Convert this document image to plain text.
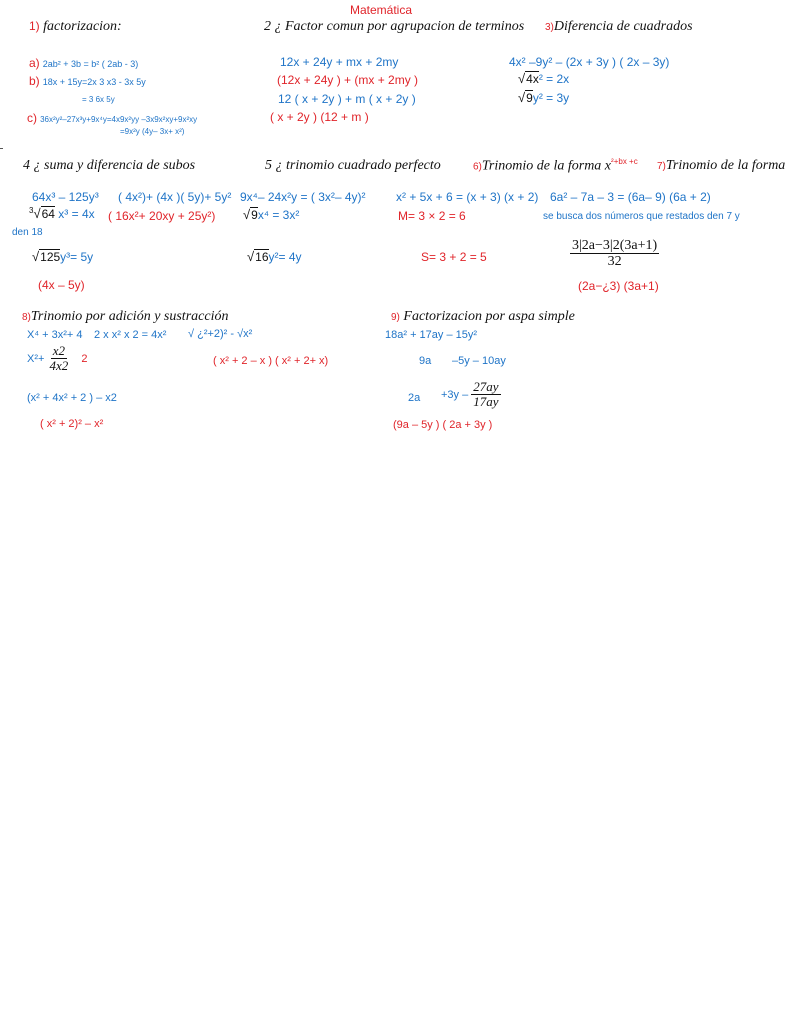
Matemática
1) factorizacion:
a) 2ab² + 3b = b² ( 2ab - 3)
b) 18x + 15y=2x 3 x3 - 3x 5y
= 3 6x 5y
c) 36x²y²–27x³y+9x⁴y=4x9x²yy –3x9x²xy+9x²xy
=9x²y (4y– 3x+ x²)
2 ¿ Factor comun por agrupacion de terminos
12x + 24y + mx + 2my
(12x + 24y ) + (mx + 2my )
12 ( x + 2y ) + m ( x + 2y )
( x + 2y ) (12 + m )
3)Diferencia de cuadrados
4x² –9y² – (2x + 3y ) ( 2x – 3y)
√4x² = 2x
√9y² = 3y
4 ¿ suma y diferencia de subos
64x³ – 125y³ ( 4x²)+ (4x )( 5y)+ 5y²
$^3$√64 x³ = 4x ( 16x²+ 20xy + 25y²)
√125y³= 5y
(4x – 5y)
5 ¿ trinomio cuadrado perfecto
9x⁴– 24x²y = ( 3x²– 4y)²
√9x⁴ = 3x²
√16y²= 4y
6)Trinomio de la forma $x^{^2+bx +c}$
x² + 5x + 6 = (x + 3) (x + 2)
M= 3 × 2 = 6
S= 3 + 2 = 5
7)Trinomio de la forma
6a² – 7a – 3 = (6a– 9) (6a + 2)
se busca dos números que restados den 7 y
den 18
$\frac{3|2a-3|2(3a+1)}{32}$
(2a−¿3) (3a+1)
8)Trinomio por adición y sustracción
X⁴ + 3x²+ 4 2 x x² x 2 = 4x² √ ¿²+2)² - √x²
$X^2+ \frac{x2}{4x2} 2$	( x² + 2 – x ) ( x² + 2+ x)
(x² + 4x² + 2 ) – x2
( x² + 2)² – x²
9) Factorizacion por aspa simple
18a² + 17ay – 15y²
9a –5y – 10ay
$2a +3y - \frac{27ay}{17ay}$
(9a – 5y ) ( 2a + 3y )
